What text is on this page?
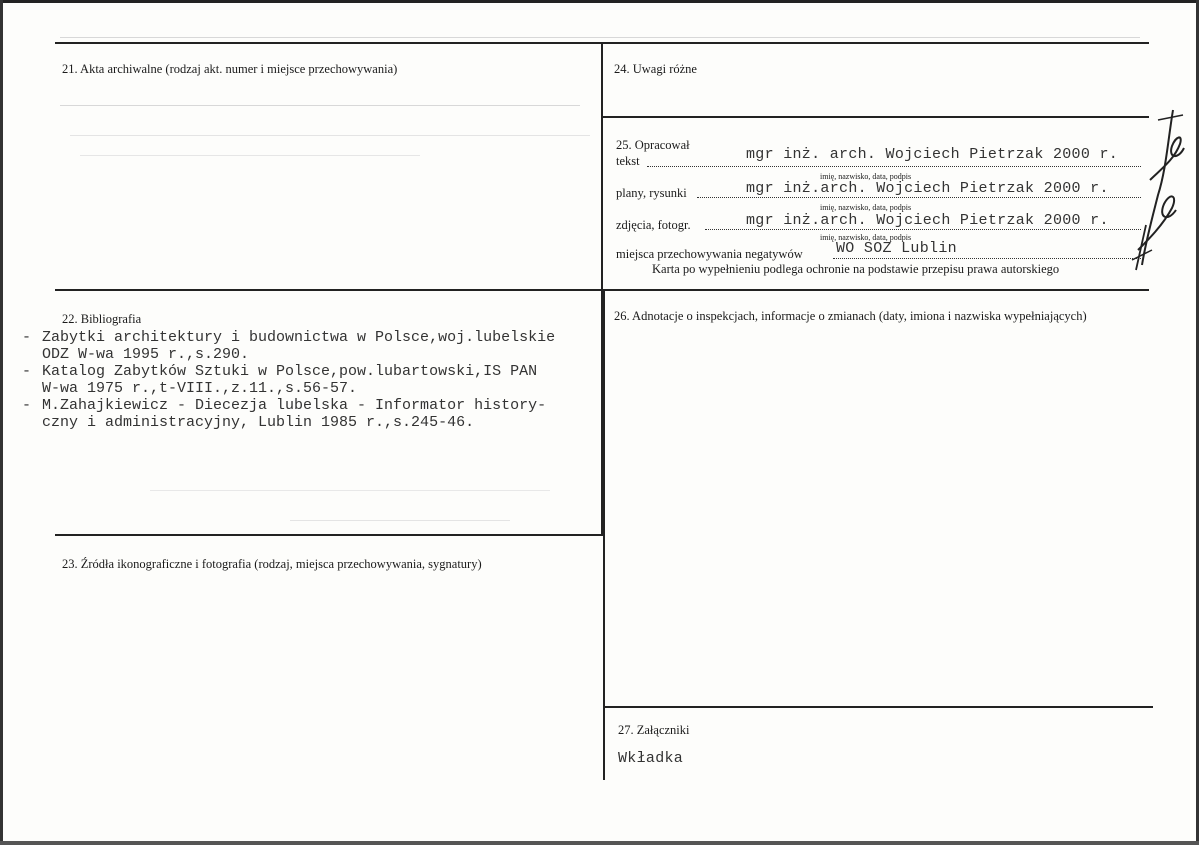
21. Akta archiwalne (rodzaj akt. numer i miejsce przechowywania)	24. Uwagi różne
25. Opracował
tekst	mgr inż. arch. Wojciech Pietrzak 2000 r.
imię, nazwisko, data, podpis
plany, rysunki	mgr inż.arch. Wojciech Pietrzak 2000 r.
imię, nazwisko, data, podpis
zdjęcia, fotogr.	mgr inż.arch. Wojciech Pietrzak 2000 r.
imię, nazwisko, data, podpis
miejsca przechowywania negatywów WO SOZ Lublin
Karta po wypełnieniu podlega ochronie na podstawie przepisu prawa autorskiego
22. Bibliografia
- Zabytki architektury i budownictwa w Polsce,woj.lubelskie
ODZ W-wa 1995 r.,s.290.
- Katalog Zabytków Sztuki w Polsce,pow.lubartowski,IS PAN
W-wa 1975 r.,t-VIII.,z.11.,s.56-57.
- M.Zahajkiewicz - Diecezja lubelska - Informator history-
czny i administracyjny, Lublin 1985 r.,s.245-46.
26. Adnotacje o inspekcjach, informacje o zmianach (daty, imiona i nazwiska wypełniających)
23. Źródła ikonograficzne i fotografia (rodzaj, miejsca przechowywania, sygnatury)
27. Załączniki
Wkładka
